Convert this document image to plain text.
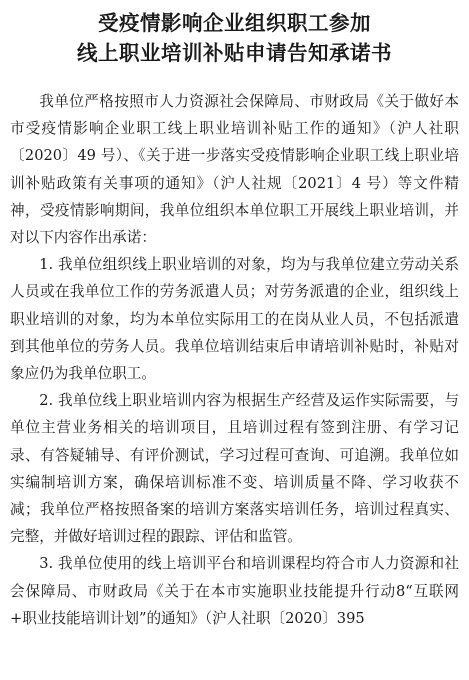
受疫情影响企业组织职工参加
线上职业培训补贴申请告知承诺书

我单位严格按照市人力资源社会保障局、市财政局《关于做好本市受疫情影响企业职工线上职业培训补贴工作的通知》（沪人社职〔2020〕49 号）、《关于进一步落实受疫情影响企业职工线上职业培训补贴政策有关事项的通知》（沪人社规〔2021〕4 号）等文件精神，受疫情影响期间，我单位组织本单位职工开展线上职业培训，并对以下内容作出承诺：

1. 我单位组织线上职业培训的对象，均为与我单位建立劳动关系人员或在我单位工作的劳务派遣人员；对劳务派遣的企业，组织线上职业培训的对象，均为本单位实际用工的在岗从业人员，不包括派遣到其他单位的劳务人员。我单位培训结束后申请培训补贴时，补贴对象应仍为我单位职工。

2. 我单位线上职业培训内容为根据生产经营及运作实际需要，与单位主营业务相关的培训项目，且培训过程有签到注册、有学习记录、有答疑辅导、有评价测试，学习过程可查询、可追溯。我单位如实编制培训方案，确保培训标准不变、培训质量不降、学习收获不减；我单位严格按照备案的培训方案落实培训任务，培训过程真实、完整，并做好培训过程的跟踪、评估和监管。

3. 我单位使用的线上培训平台和培训课程均符合市人力资源和社会保障局、市财政局《关于在本市实施职业技能提升行动8“互联网+职业技能培训计划”的通知》（沪人社职〔2020〕395
